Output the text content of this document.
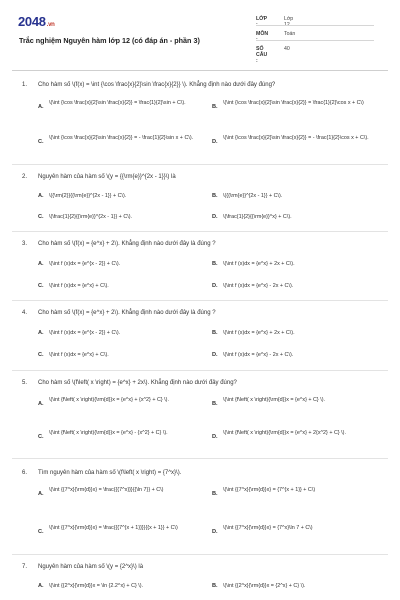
2048.vn
Trắc nghiệm Nguyên hàm lớp 12 (có đáp án - phần 3)
LỚP :
Lớp 12
MÔN :
Toán
SỐ CÂU :
40
1. Cho hàm số \(f(x) = \int {\cos \frac{x}{2}\sin \frac{x}{2}} \). Khẳng định nào dưới đây đúng?
A.
\(\int {\cos \frac{x}{2}\sin \frac{x}{2}} = \frac{1}{2}\sin + C\).
B.
\(\int {\cos \frac{x}{2}\sin \frac{x}{2}} = \frac{1}{2}\cos x + C\)
C.
\(\int {\cos \frac{x}{2}\sin \frac{x}{2}} = - \frac{1}{2}\sin x + C\).
D.
\(\int {\cos \frac{x}{2}\sin \frac{x}{2}} = - \frac{1}{2}\cos x + C\).
2. Nguyên hàm của hàm số \(y = {{\rm{e}}^{2x - 1}}\) là
A. \({\rm{2}}{{\rm{e}}^{2x - 1}} + C\).	B. \({{\rm{e}}^{2x - 1}} + C\).
C. \(\frac{1}{2}{{\rm{e}}^{2x - 1}} + C\).	D. \(\frac{1}{2}{{\rm{e}}^x} + C\).
3. Cho hàm số \(f(x) = {e^x} + 2\). Khẳng định nào dưới đây là đúng ?
A. \(\int f (x)dx = {e^{x - 2}} + C\).	B. \(\int f (x)dx = {e^x} + 2x + C\).
C. \(\int f (x)dx = {e^x} + C\).	D. \(\int f (x)dx = {e^x} - 2x + C\).
4. Cho hàm số \(f(x) = {e^x} + 2\). Khẳng định nào dưới đây là đúng ?
A. \(\int f (x)dx = {e^{x - 2}} + C\).	B. \(\int f (x)dx = {e^x} + 2x + C\).
C. \(\int f (x)dx = {e^x} + C\).	D. \(\int f (x)dx = {e^x} - 2x + C\).
5. Cho hàm số \(f\left( x \right) = {e^x} + 2x\). Khẳng định nào dưới đây đúng?
A.
\(\int {f\left( x \right){\rm{d}}x = {e^x} + {x^2} + C} \).
B.
\(\int {f\left( x \right){\rm{d}}x = {e^x} + C} \).
C.
\(\int {f\left( x \right){\rm{d}}x = {e^x} - {x^2} + C} \).
D.
\(\int {f\left( x \right){\rm{d}}x = {e^x} + 2{x^2} + C} \).
6. Tìm nguyên hàm của hàm số \(f\left( x \right) = {7^x}\).
A.
\(\int {{7^x}{\rm{d}}x} = \frac{{{7^x}}}{{\ln 7}} + C\)
B.
\(\int {{7^x}{\rm{d}}x} = {7^{x + 1}} + C\)
C.
\(\int {{7^x}{\rm{d}}x} = \frac{{{7^{x + 1}}}}{{x + 1}} + C\)
D.
\(\int {{7^x}{\rm{d}}x} = {7^x}\ln 7 + C\)
7. Nguyên hàm của hàm số \(y = {2^x}\) là
A. \(\int {{2^x}{\rm{d}}x = \ln {2.2^x} + C} \).	B. \(\int {{2^x}{\rm{d}}x = {2^x} + C} \).
